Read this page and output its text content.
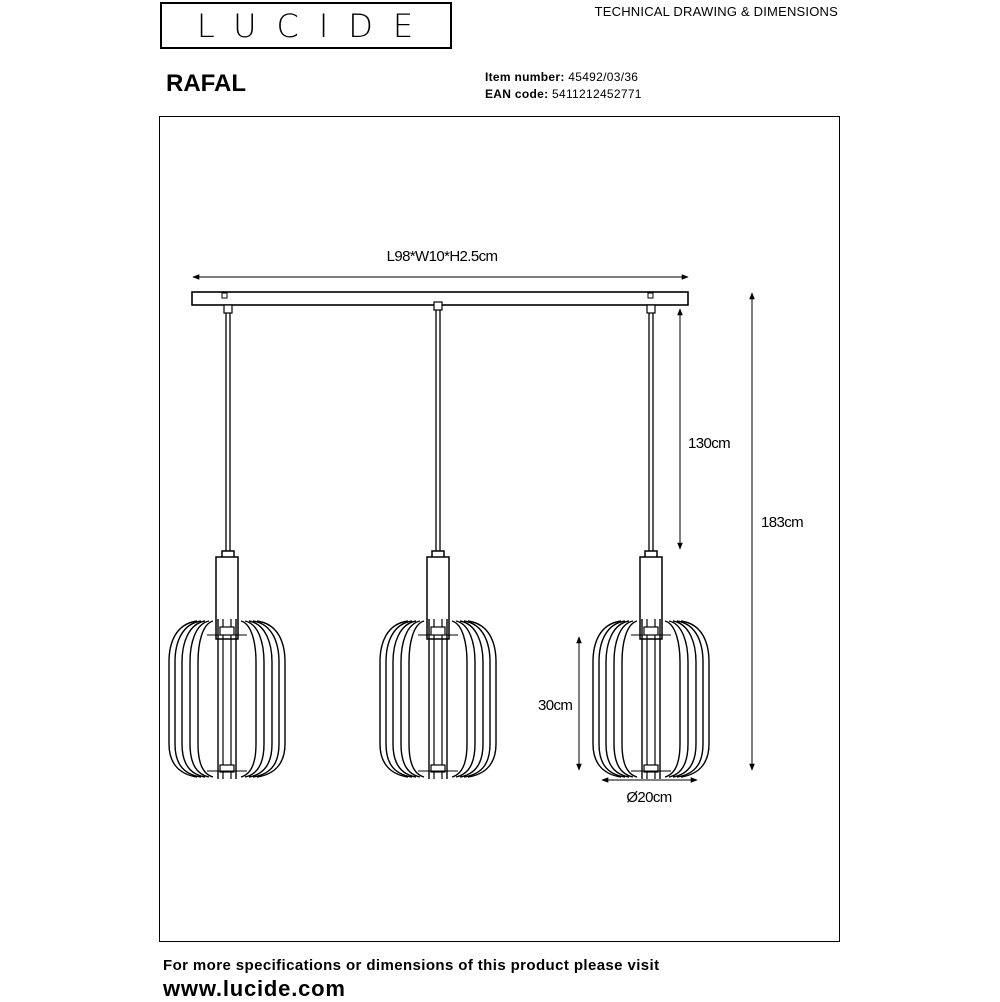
LUCIDE	TECHNICAL DRAWING & DIMENSIONS
RAFAL	Item number: 45492/03/36
EAN code: 5411212452771
L98*W10*H2.5cm
130cm
183cm
30cm
Ø20cm
For more specifications or dimensions of this product please visit
www.lucide.com
